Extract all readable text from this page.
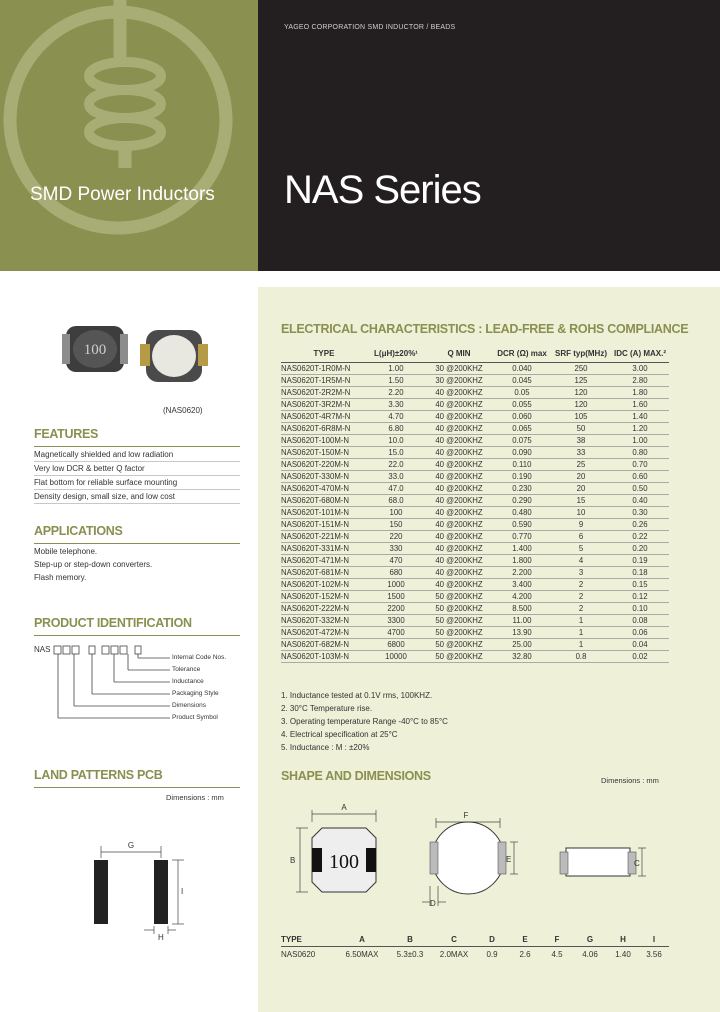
SMD Power Inductors
YAGEO CORPORATION SMD INDUCTOR / BEADS
NAS Series
100
(NAS0620)
FEATURES
Magnetically shielded and low radiation
Very low DCR & better Q factor
Flat bottom for reliable surface mounting
Density design, small size, and low cost
APPLICATIONS
Mobile telephone.
Step-up or step-down converters.
Flash memory.
PRODUCT IDENTIFICATION
NAS
Internal Code Nos.
Tolerance
Inductance
Packaging Style
Dimensions
Product Symbol
LAND PATTERNS PCB
Dimensions : mm
G
I
H
ELECTRICAL CHARACTERISTICS : LEAD-FREE & ROHS COMPLIANCE
TYPE	L(μH)±20%¹	Q MIN	DCR (Ω) max	SRF typ(MHz)	IDC (A) MAX.²
NAS0620T-1R0M-N	1.00	30 @200KHZ	0.040	250	3.00
NAS0620T-1R5M-N	1.50	30 @200KHZ	0.045	125	2.80
NAS0620T-2R2M-N	2.20	40 @200KHZ	0.05	120	1.80
NAS0620T-3R2M-N	3.30	40 @200KHZ	0.055	120	1.60
NAS0620T-4R7M-N	4.70	40 @200KHZ	0.060	105	1.40
NAS0620T-6R8M-N	6.80	40 @200KHZ	0.065	50	1.20
NAS0620T-100M-N	10.0	40 @200KHZ	0.075	38	1.00
NAS0620T-150M-N	15.0	40 @200KHZ	0.090	33	0.80
NAS0620T-220M-N	22.0	40 @200KHZ	0.110	25	0.70
NAS0620T-330M-N	33.0	40 @200KHZ	0.190	20	0.60
NAS0620T-470M-N	47.0	40 @200KHZ	0.230	20	0.50
NAS0620T-680M-N	68.0	40 @200KHZ	0.290	15	0.40
NAS0620T-101M-N	100	40 @200KHZ	0.480	10	0.30
NAS0620T-151M-N	150	40 @200KHZ	0.590	9	0.26
NAS0620T-221M-N	220	40 @200KHZ	0.770	6	0.22
NAS0620T-331M-N	330	40 @200KHZ	1.400	5	0.20
NAS0620T-471M-N	470	40 @200KHZ	1.800	4	0.19
NAS0620T-681M-N	680	40 @200KHZ	2.200	3	0.18
NAS0620T-102M-N	1000	40 @200KHZ	3.400	2	0.15
NAS0620T-152M-N	1500	50 @200KHZ	4.200	2	0.12
NAS0620T-222M-N	2200	50 @200KHZ	8.500	2	0.10
NAS0620T-332M-N	3300	50 @200KHZ	11.00	1	0.08
NAS0620T-472M-N	4700	50 @200KHZ	13.90	1	0.06
NAS0620T-682M-N	6800	50 @200KHZ	25.00	1	0.04
NAS0620T-103M-N	10000	50 @200KHZ	32.80	0.8	0.02
1. Inductance tested at 0.1V rms, 100KHZ.
2. 30°C Temperature rise.
3. Operating temperature Range -40°C to 85°C
4. Electrical specification at 25°C
5. Inductance : M : ±20%
SHAPE AND DIMENSIONS	Dimensions : mm
100
A
B
F
E
D
C
TYPE	A	B	C	D	E	F	G	H	I
NAS0620	6.50MAX	5.3±0.3	2.0MAX	0.9	2.6	4.5	4.06	1.40	3.56
